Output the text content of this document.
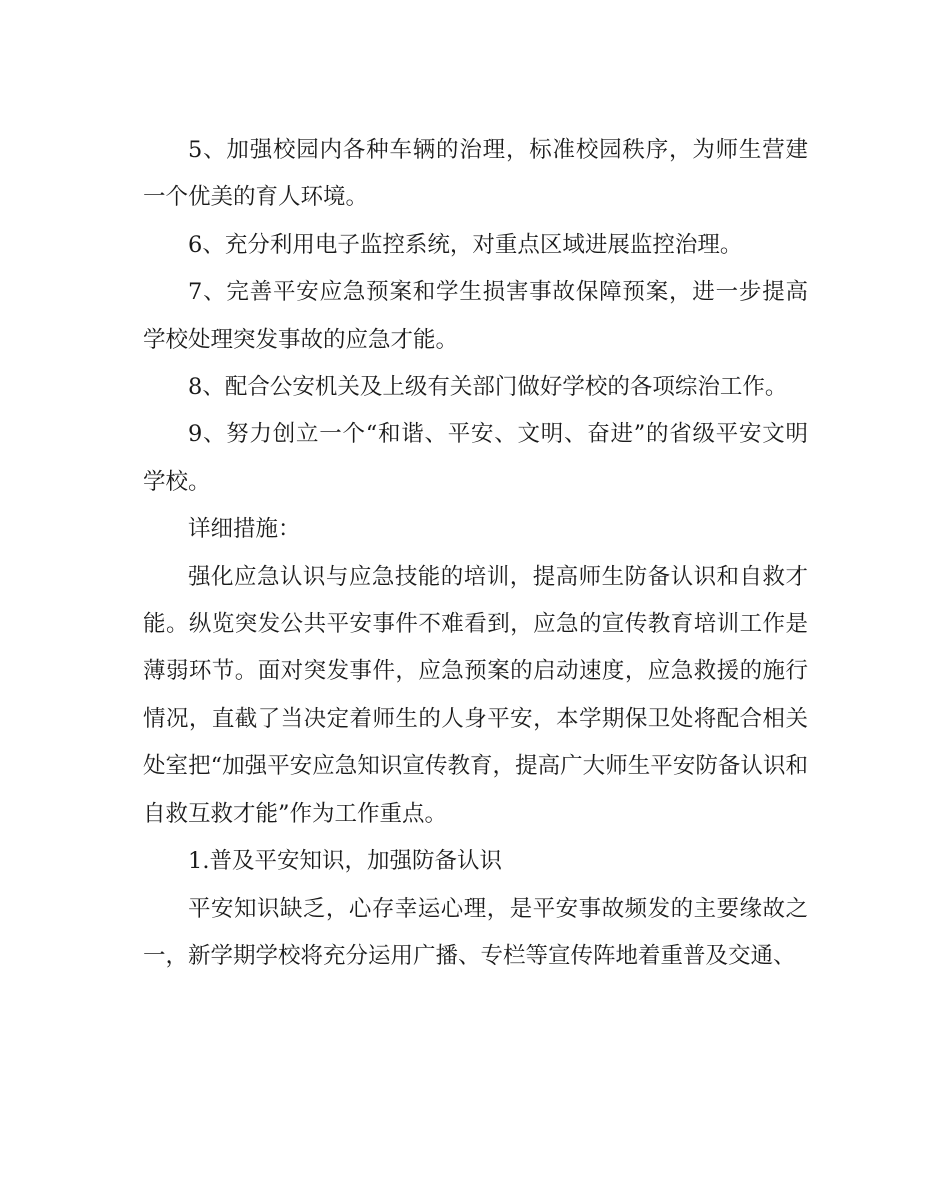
5、加强校园内各种车辆的治理，标准校园秩序，为师生营建一个优美的育人环境。

6、充分利用电子监控系统，对重点区域进展监控治理。

7、完善平安应急预案和学生损害事故保障预案，进一步提高学校处理突发事故的应急才能。

8、配合公安机关及上级有关部门做好学校的各项综治工作。

9、努力创立一个“和谐、平安、文明、奋进”的省级平安文明学校。

详细措施：

强化应急认识与应急技能的培训，提高师生防备认识和自救才能。纵览突发公共平安事件不难看到，应急的宣传教育培训工作是薄弱环节。面对突发事件，应急预案的启动速度，应急救援的施行情况，直截了当决定着师生的人身平安，本学期保卫处将配合相关处室把“加强平安应急知识宣传教育，提高广大师生平安防备认识和自救互救才能”作为工作重点。

1.普及平安知识，加强防备认识

平安知识缺乏，心存幸运心理，是平安事故频发的主要缘故之一，新学期学校将充分运用广播、专栏等宣传阵地着重普及交通、
